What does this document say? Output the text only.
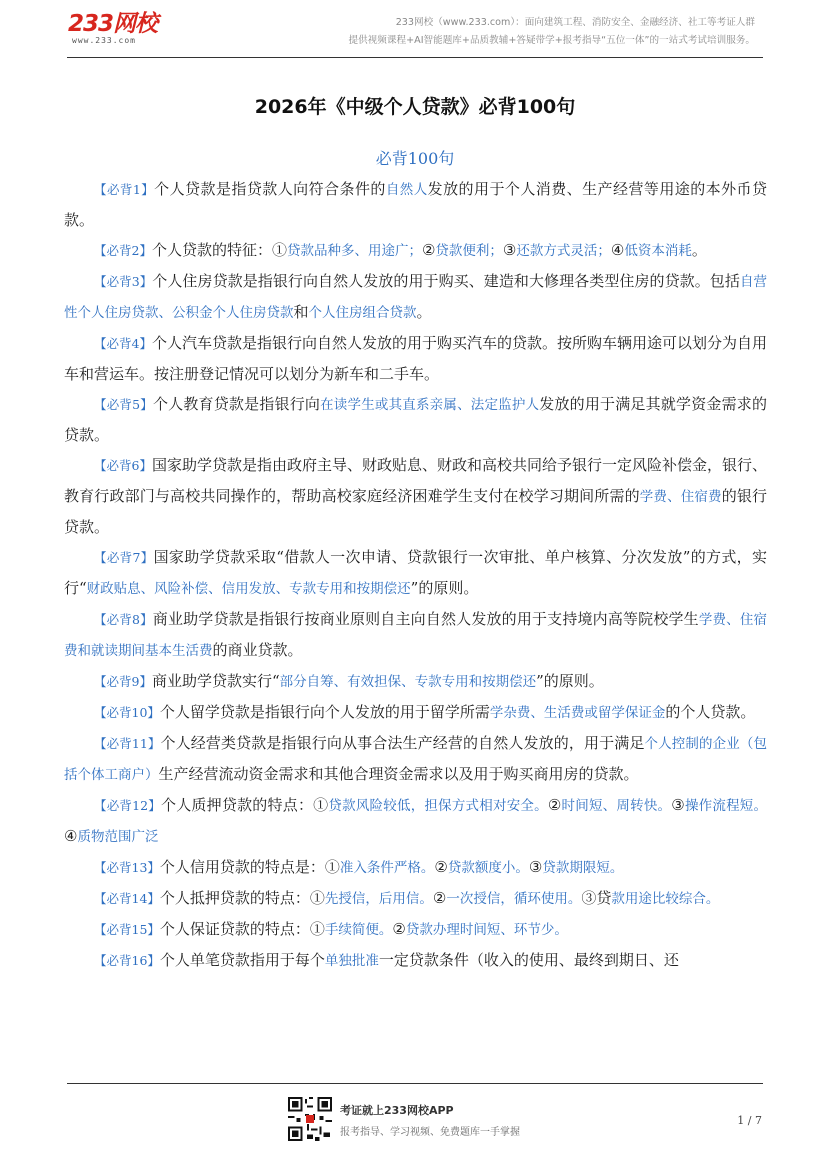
233网校
www.233.com
233网校（www.233.com）：面向建筑工程、消防安全、金融经济、社工等考证人群
提供视频课程+AI智能题库+品质教辅+答疑带学+报考指导“五位一体”的一站式考试培训服务。
2026年《中级个人贷款》必背100句
必背100句

【必背1】个人贷款是指贷款人向符合条件的自然人发放的用于个人消费、生产经营等用途的本外币贷款。

【必背2】个人贷款的特征：①贷款品种多、用途广；②贷款便利；③还款方式灵活；④低资本消耗。

【必背3】个人住房贷款是指银行向自然人发放的用于购买、建造和大修理各类型住房的贷款。包括自营性个人住房贷款、公积金个人住房贷款和个人住房组合贷款。

【必背4】个人汽车贷款是指银行向自然人发放的用于购买汽车的贷款。按所购车辆用途可以划分为自用车和营运车。按注册登记情况可以划分为新车和二手车。

【必背5】个人教育贷款是指银行向在读学生或其直系亲属、法定监护人发放的用于满足其就学资金需求的贷款。

【必背6】国家助学贷款是指由政府主导、财政贴息、财政和高校共同给予银行一定风险补偿金，银行、教育行政部门与高校共同操作的，帮助高校家庭经济困难学生支付在校学习期间所需的学费、住宿费的银行贷款。

【必背7】国家助学贷款采取“借款人一次申请、贷款银行一次审批、单户核算、分次发放”的方式，实行“财政贴息、风险补偿、信用发放、专款专用和按期偿还”的原则。

【必背8】商业助学贷款是指银行按商业原则自主向自然人发放的用于支持境内高等院校学生学费、住宿费和就读期间基本生活费的商业贷款。

【必背9】商业助学贷款实行“部分自筹、有效担保、专款专用和按期偿还”的原则。

【必背10】个人留学贷款是指银行向个人发放的用于留学所需学杂费、生活费或留学保证金的个人贷款。

【必背11】个人经营类贷款是指银行向从事合法生产经营的自然人发放的，用于满足个人控制的企业（包括个体工商户）生产经营流动资金需求和其他合理资金需求以及用于购买商用房的贷款。

【必背12】个人质押贷款的特点：①贷款风险较低，担保方式相对安全。②时间短、周转快。③操作流程短。④质物范围广泛

【必背13】个人信用贷款的特点是：①准入条件严格。②贷款额度小。③贷款期限短。

【必背14】个人抵押贷款的特点：①先授信，后用信。②一次授信，循环使用。③贷款用途比较综合。

【必背15】个人保证贷款的特点：①手续简便。②贷款办理时间短、环节少。

【必背16】个人单笔贷款指用于每个单独批准一定贷款条件（收入的使用、最终到期日、还

考证就上233网校APP
报考指导、学习视频、免费题库一手掌握
1 / 7
